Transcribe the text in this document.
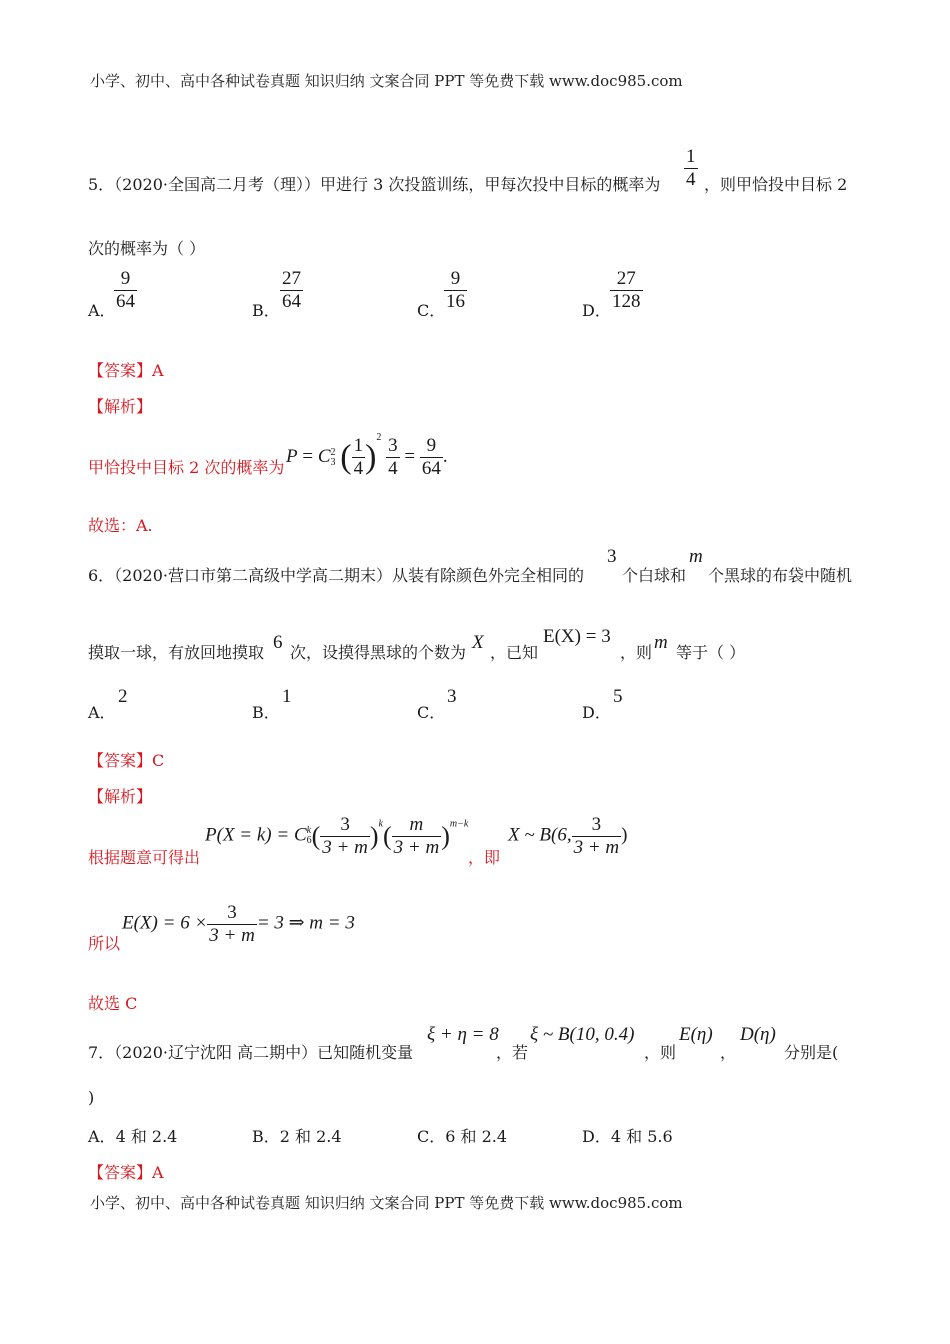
小学、初中、高中各种试卷真题 知识归纳 文案合同 PPT 等免费下载 www.doc985.com
5．（2020·全国高二月考（理））甲进行 3 次投篮训练，甲每次投中目标的概率为 $\frac{1}{4}$ ，则甲恰投中目标 2
次的概率为（ ）
A．
$\frac{9}{64}$	B． $\frac{27}{64}$	C．
$\frac{9}{16}$	D． $\frac{27}{128}$
【答案】A
【解析】
甲恰投中目标 2 次的概率为
P = C 2
3 ( $\frac{1}{4} )^2 \frac{3}{4} = \frac{9}{64}$ .
故选：A.
6．（2020·营口市第二高级中学高二期末）从装有除颜色外完全相同的
3
个白球和
m
个黑球的布袋中随机
摸取一球，有放回地摸取 6 次，设摸得黑球的个数为 X ，已知
E(X) = 3
，则 m 等于（ ）
A．
2
B．
1
C．
3
D．
5
【答案】C
【解析】
根据题意可得出
P(X = k) = C k
6 ( $\frac{3}{3 + m} )^k( \frac{m}{3 + m} )^{m-k}$
，即
X ~ B(6, $\frac{3}{3 + m}$ )
所以
$E(X) = 6 \times \frac{3}{3 + m} = 3$ ⇒ m = 3
故选 C
7．（2020·辽宁沈阳 高二期中）已知随机变量
ξ + η = 8
，若
ξ ~ B(10, 0.4)
，则
E(η)
，
D(η)
分别是(
)
A．4 和 2.4	B．2 和 2.4	C．6 和 2.4	D．4 和 5.6
【答案】A
小学、初中、高中各种试卷真题 知识归纳 文案合同 PPT 等免费下载 www.doc985.com
